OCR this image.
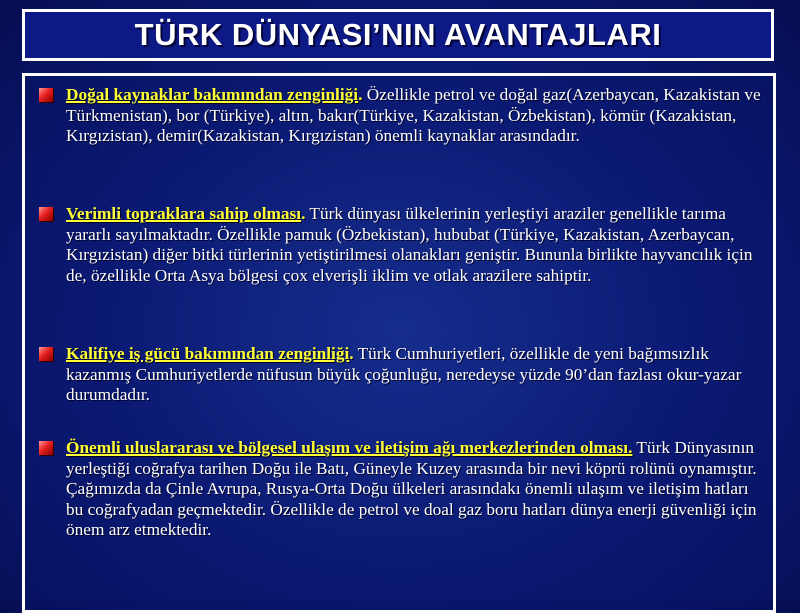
TÜRK DÜNYASI’NIN AVANTAJLARI
Doğal kaynaklar bakımından zenginliği. Özellikle petrol ve doğal gaz(Azerbaycan, Kazakistan ve Türkmenistan), bor (Türkiye), altın, bakır(Türkiye, Kazakistan, Özbekistan), kömür (Kazakistan, Kırgızistan), demir(Kazakistan, Kırgızistan) önemli kaynaklar arasındadır.
Verimli topraklara sahip olması. Türk dünyası ülkelerinin yerleştiyi araziler genellikle tarıma yararlı sayılmaktadır. Özellikle pamuk (Özbekistan), hububat (Türkiye, Kazakistan, Azerbaycan, Kırgızistan) diğer bitki türlerinin yetiştirilmesi olanakları geniştir. Bununla birlikte hayvancılık için de, özellikle Orta Asya bölgesi çox elverişli iklim ve otlak arazilere sahiptir.
Kalifiye iş gücü bakımından zenginliği. Türk Cumhuriyetleri, özellikle de yeni bağımsızlık kazanmış Cumhuriyetlerde nüfusun büyük çoğunluğu, neredeyse yüzde 90’dan fazlası okur-yazar durumdadır.
Önemli uluslararası ve bölgesel ulaşım ve iletişim ağı merkezlerinden olması. Türk Dünyasının yerleştiği coğrafya tarihen Doğu ile Batı, Güneyle Kuzey arasında bir nevi köprü rolünü oynamıştır. Çağımızda da Çinle Avrupa, Rusya-Orta Doğu ülkeleri arasındakı önemli ulaşım ve iletişim hatları bu coğrafyadan geçmektedir. Özellikle de petrol ve doal gaz boru hatları dünya enerji güvenliği için önem arz etmektedir.
